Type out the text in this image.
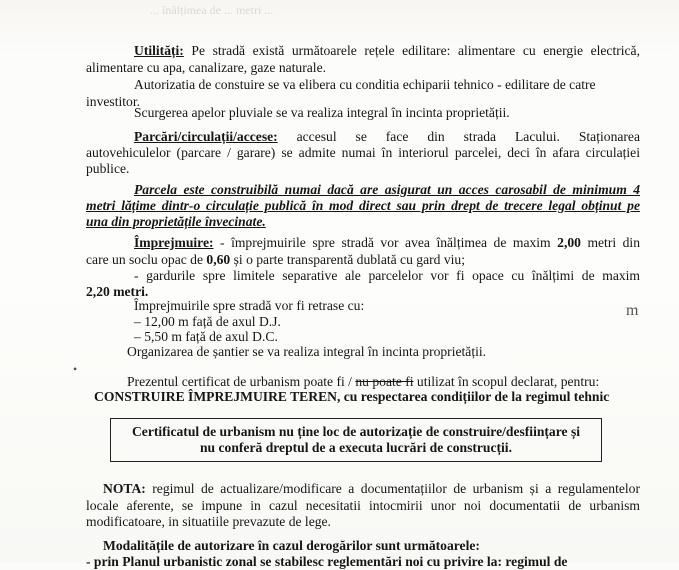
... înălțimea de ... metri ...
Utilități: Pe stradă există următoarele rețele edilitare: alimentare cu energie electrică,
alimentare cu apa, canalizare, gaze naturale.
Autorizatia de constuire se va elibera cu conditia echiparii tehnico - edilitare de catre
investitor.
Scurgerea apelor pluviale se va realiza integral în incinta proprietății.
Parcări/circulații/accese: accesul se face din strada Lacului. Staționarea
autovehiculelor (parcare / garare) se admite numai în interiorul parcelei, deci în afara circulației
publice.
Parcela este construibilă numai dacă are asigurat un acces carosabil de minimum 4
metri lățime dintr-o circulație publică în mod direct sau prin drept de trecere legal obținut pe
una din proprietățile învecinate.
Împrejmuire: - împrejmuirile spre stradă vor avea înălțimea de maxim 2,00 metri din
care un soclu opac de 0,60 și o parte transparentă dublată cu gard viu;
- gardurile spre limitele separative ale parcelelor vor fi opace cu înălțimi de maxim
2,20 metri.
Împrejmuirile spre stradă vor fi retrase cu:
– 12,00 m față de axul D.J.
– 5,50 m față de axul D.C.
Organizarea de șantier se va realiza integral în incinta proprietății.
•
m
Prezentul certificat de urbanism poate fi / nu poate fi utilizat în scopul declarat, pentru:
CONSTRUIRE ÎMPREJMUIRE TEREN, cu respectarea condițiilor de la regimul tehnic
Certificatul de urbanism nu ține loc de autorizație de construire/desființare și
nu conferă dreptul de a executa lucrări de construcții.
NOTA: regimul de actualizare/modificare a documentațiilor de urbanism și a regulamentelor
locale aferente, se impune in cazul necesitatii intocmirii unor noi documentatii de urbanism
modificatoare, in situatiile prevazute de lege.
Modalitățile de autorizare în cazul derogărilor sunt următoarele:
- prin Planul urbanistic zonal se stabilesc reglementări noi cu privire la: regimul de
